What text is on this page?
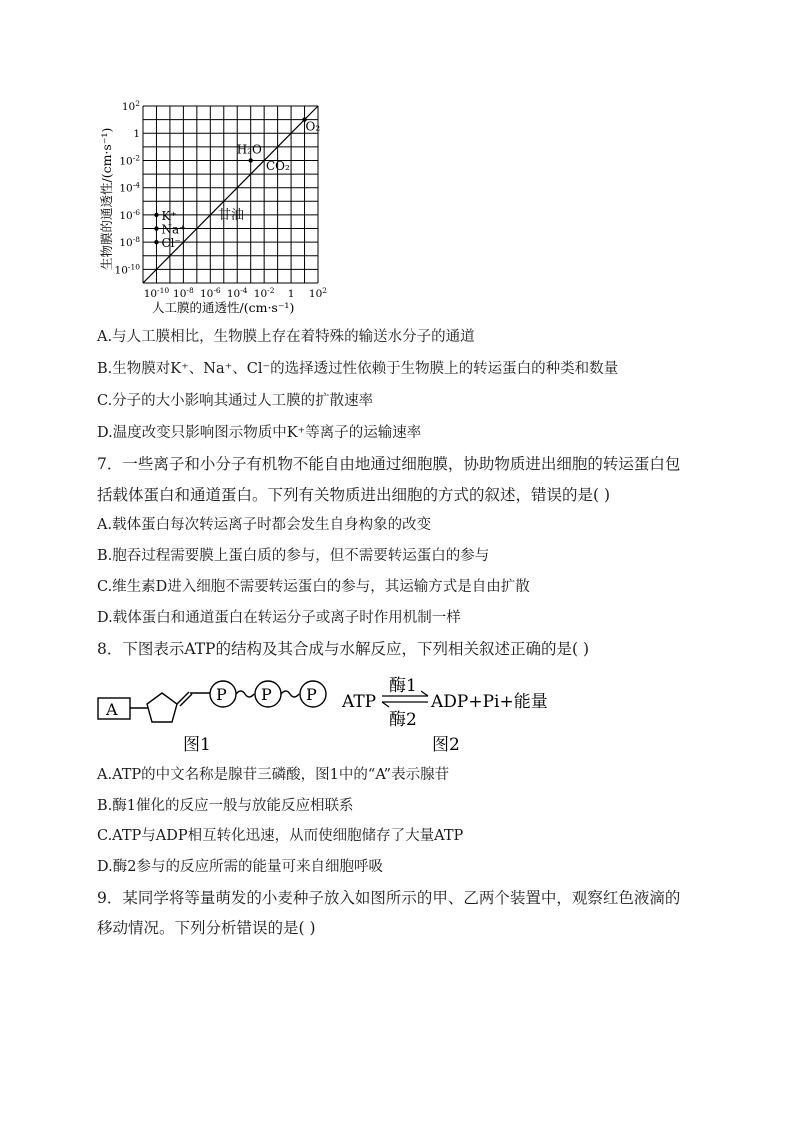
$10^2$
1
$10^{-2}$
$10^{-4}$
$10^{-6}$
$10^{-8}$
$10^{-10}$
$10^{-10}$ $10^{-8}$ $10^{-6}$ $10^{-4}$ $10^{-2}$ 1 $10^2$
K⁺
Na⁺
Cl⁻
H₂O
O₂
CO₂
甘油
生物膜的通透性/(cm·s⁻¹)
人工膜的通透性/(cm·s⁻¹)
A.与人工膜相比，生物膜上存在着特殊的输送水分子的通道
B.生物膜对K⁺、Na⁺、Cl⁻的选择透过性依赖于生物膜上的转运蛋白的种类和数量
C.分子的大小影响其通过人工膜的扩散速率
D.温度改变只影响图示物质中K⁺等离子的运输速率
7．一些离子和小分子有机物不能自由地通过细胞膜，协助物质进出细胞的转运蛋白包
括载体蛋白和通道蛋白。下列有关物质进出细胞的方式的叙述，错误的是( )
A.载体蛋白每次转运离子时都会发生自身构象的改变
B.胞吞过程需要膜上蛋白质的参与，但不需要转运蛋白的参与
C.维生素D进入细胞不需要转运蛋白的参与，其运输方式是自由扩散
D.载体蛋白和通道蛋白在转运分子或离子时作用机制一样
8．下图表示ATP的结构及其合成与水解反应，下列相关叙述正确的是( )
A
P P P
图1
ATP
酶1
酶2
ADP+Pi+能量
图2
A.ATP的中文名称是腺苷三磷酸，图1中的“A”表示腺苷
B.酶1催化的反应一般与放能反应相联系
C.ATP与ADP相互转化迅速，从而使细胞储存了大量ATP
D.酶2参与的反应所需的能量可来自细胞呼吸
9．某同学将等量萌发的小麦种子放入如图所示的甲、乙两个装置中，观察红色液滴的
移动情况。下列分析错误的是( )
